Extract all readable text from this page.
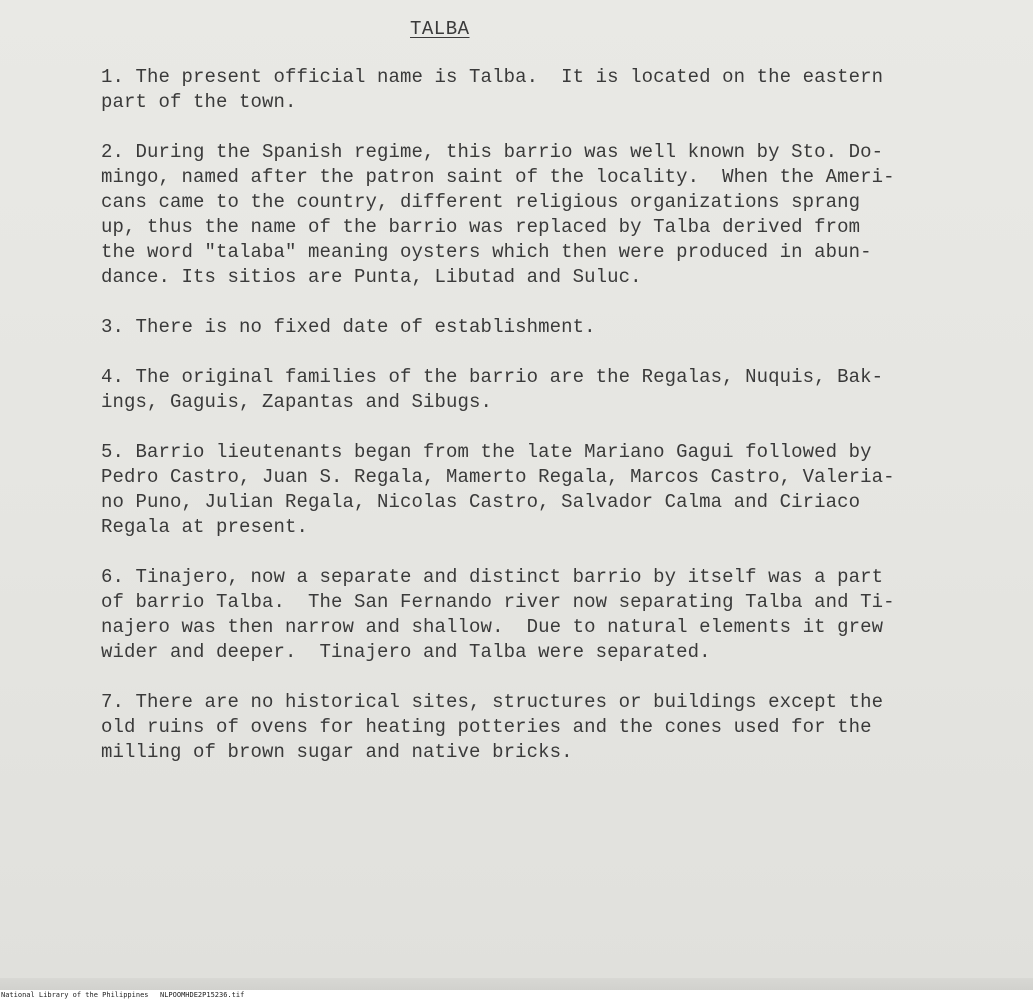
TALBA
1. The present official name is Talba.  It is located on the eastern
part of the town.
2. During the Spanish regime, this barrio was well known by Sto. Do-
mingo, named after the patron saint of the locality.  When the Ameri-
cans came to the country, different religious organizations sprang
up, thus the name of the barrio was replaced by Talba derived from
the word "talaba" meaning oysters which then were produced in abun-
dance. Its sitios are Punta, Libutad and Suluc.
3. There is no fixed date of establishment.
4. The original families of the barrio are the Regalas, Nuquis, Bak-
ings, Gaguis, Zapantas and Sibugs.
5. Barrio lieutenants began from the late Mariano Gagui followed by
Pedro Castro, Juan S. Regala, Mamerto Regala, Marcos Castro, Valeria-
no Puno, Julian Regala, Nicolas Castro, Salvador Calma and Ciriaco
Regala at present.
6. Tinajero, now a separate and distinct barrio by itself was a part
of barrio Talba.  The San Fernando river now separating Talba and Ti-
najero was then narrow and shallow.  Due to natural elements it grew
wider and deeper.  Tinajero and Talba were separated.
7. There are no historical sites, structures or buildings except the
old ruins of ovens for heating potteries and the cones used for the
milling of brown sugar and native bricks.

National Library of the Philippines

NLPOOMHDE2P15236.tif
